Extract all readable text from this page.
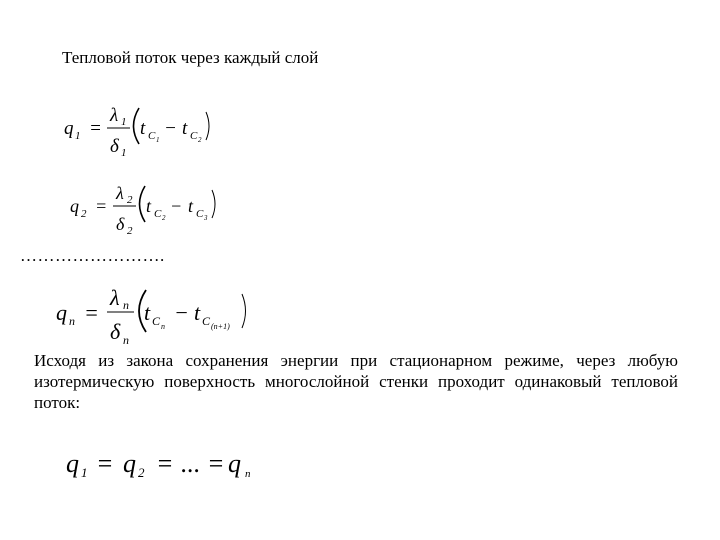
Тепловой поток через каждый слой
q 1 =
λ 1
δ 1
t C 1
− t C 2
q 2 =
λ 2
δ 2
t C 2
− t C 3
…………………….
q n =
λ n
δ n
t C n
− t C (n+1)
Исходя из закона сохранения энергии при стационарном режиме, через любую изотермическую поверхность многослойной стенки проходит одинаковый тепловой поток:
q 1 = q 2 = ... = q n
